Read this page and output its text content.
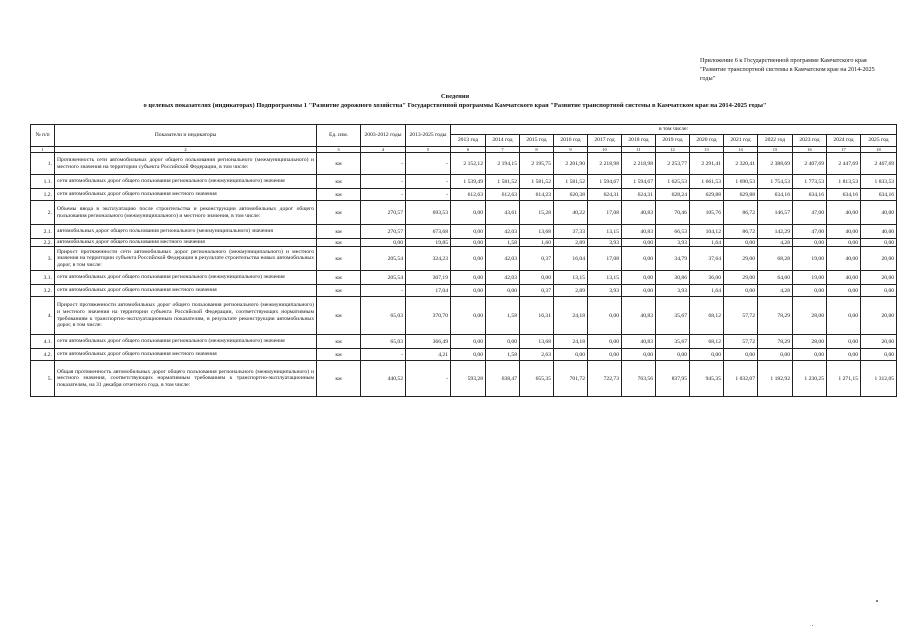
Приложение 6 к Государственной программе Камчатского края "Развитие транспортной системы в Камчатском крае на 2014-2025 годы"
Сведения
о целевых показателях (индикаторах) Подпрограммы 1 "Развитие дорожного хозяйства" Государственной программы Камчатского края "Развитие транспортной системы в Камчатском крае на 2014-2025 годы"
№ п/п	Показатели и индикаторы	Ед. изм.	2003-2012 годы	2013-2025 годы	в том числе:												
					2013 год	2014 год	2015 год	2016 год	2017 год	2018 год	2019 год	2020 год	2021 год	2022 год	2023 год	2024 год	2025 год
1	2	3	4	5	6	7	8	9	10	11	12	13	14	15	16	17	18
1.	Протяженность сети автомобильных дорог общего пользования регионального (межмуниципального) и местного значения на территории субъекта Российской Федерации, в том числе:	км	-	-	2 152,12	2 194,15	2 195,75	2 201,90	2 218,98	2 218,98	2 253,77	2 291,41	2 320,41	2 388,69	2 407,69	2 447,69	2 467,69
1.1.	сети автомобильных дорог общего пользования регионального (межмуниципального) значения	км	-	-	1 539,49	1 581,52	1 581,52	1 581,52	1 594,67	1 594,67	1 625,53	1 661,53	1 690,53	1 754,53	1 773,53	1 813,53	1 833,53
1.2.	сети автомобильных дорог общего пользования местного значения	км	-	-	612,63	612,63	614,23	620,38	624,31	624,31	628,24	629,88	629,88	634,16	634,16	634,16	634,16
2.	Объемы ввода в эксплуатацию после строительства и реконструкции автомобильных дорог общего пользования регионального (межмуниципального) и местного значения, в том числе:	км	270,57	693,53	0,00	43,61	15,28	40,22	17,08	40,83	70,46	105,76	86,72	146,57	47,00	40,00	40,00
2.1.	автомобильных дорог общего пользования регионального (межмуниципального) значения	км	270,57	673,68	0,00	42,03	13,68	37,33	13,15	40,83	66,53	104,12	86,72	142,29	47,00	40,00	40,00
2.2.	автомобильных дорог общего пользования местного значения	км	0,00	19,85	0,00	1,58	1,60	2,89	3,93	0,00	3,93	1,64	0,00	4,28	0,00	0,00	0,00
3.	Прирост протяженности сети автомобильных дорог регионального (межмуниципального) и местного значения на территории субъекта Российской Федерации в результате строительства новых автомобильных дорог, в том числе:	км	205,54	324,23	0,00	42,03	0,37	16,04	17,08	0,00	34,79	37,64	29,00	68,28	19,00	40,00	20,00
3.1.	сети автомобильных дорог общего пользования регионального (межмуниципального) значения	км	205,54	307,19	0,00	42,03	0,00	13,15	13,15	0,00	30,86	36,00	29,00	64,00	19,00	40,00	20,00
3.2.	сети автомобильных дорог общего пользования местного значения	км	-	17,04	0,00	0,00	0,37	2,89	3,93	0,00	3,93	1,64	0,00	4,28	0,00	0,00	0,00
4.	Прирост протяженности автомобильных дорог общего пользования регионального (межмуниципального) и местного значения на территории субъекта Российской Федерации, соответствующих нормативным требованиям к транспортно-эксплуатационным показателям, в результате реконструкции автомобильных дорог, в том числе:	км	65,03	370,70	0,00	1,58	16,31	24,18	0,00	40,83	35,67	68,12	57,72	78,29	28,00	0,00	20,00
4.1.	сети автомобильных дорог общего пользования регионального (межмуниципального) значения	км	65,03	366,49	0,00	0,00	13,68	24,18	0,00	40,83	35,67	68,12	57,72	78,29	28,00	0,00	20,00
4.2.	сети автомобильных дорог общего пользования местного значения	км	-	4,21	0,00	1,58	2,63	0,00	0,00	0,00	0,00	0,00	0,00	0,00	0,00	0,00	0,00
5.	Общая протяженность автомобильных дорог общего пользования регионального (межмуниципального) и местного значения, соответствующих нормативным требованиям к транспортно-эксплуатационным показателям, на 31 декабря отчетного года, в том числе:	км	440,52	-	593,28	638,47	655,35	701,72	722,73	763,56	837,95	945,35	1 032,07	1 182,92	1 230,25	1 271,15	1 312,05
